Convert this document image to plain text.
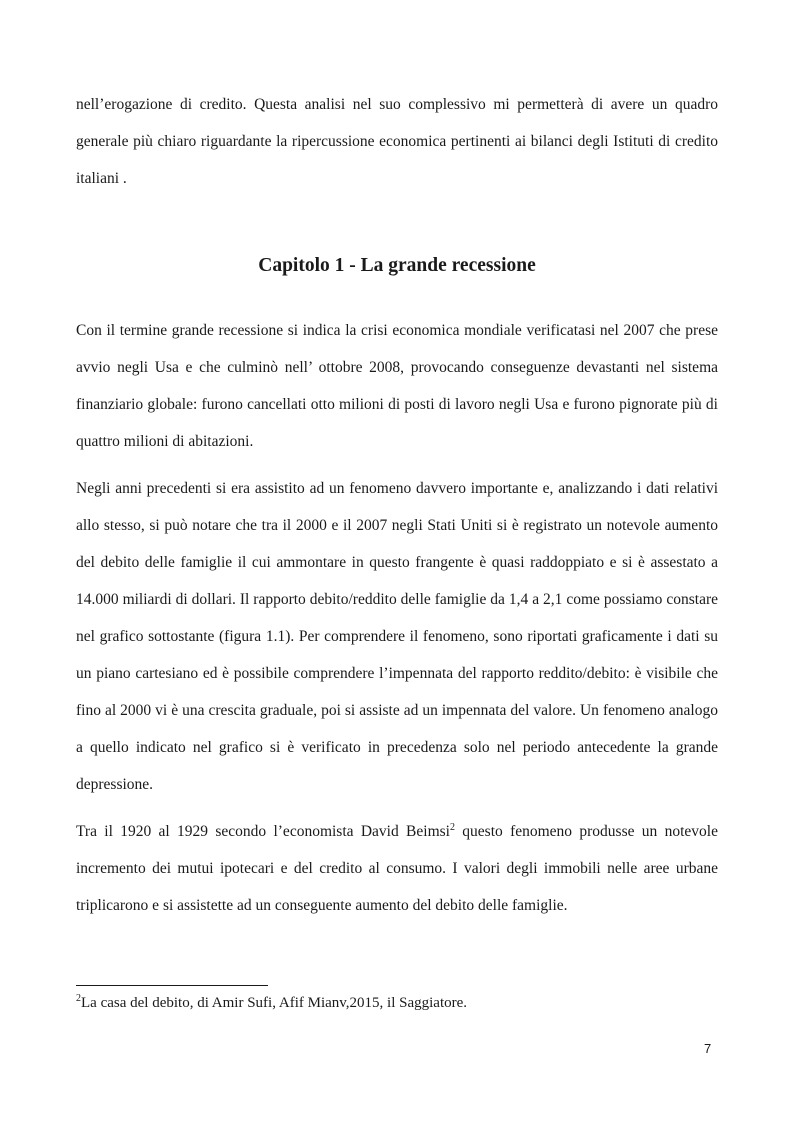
nell’erogazione di credito. Questa analisi nel suo complessivo mi permetterà di avere un quadro generale più chiaro riguardante la ripercussione economica pertinenti ai bilanci degli Istituti di credito italiani .

Capitolo 1 - La grande recessione

Con il termine grande recessione si indica la crisi economica mondiale verificatasi nel 2007 che prese avvio negli Usa e che culminò nell’ ottobre 2008, provocando conseguenze devastanti nel sistema finanziario globale: furono cancellati otto milioni di posti di lavoro negli Usa e furono pignorate più di quattro milioni di abitazioni.

Negli anni precedenti si era assistito ad un fenomeno davvero importante e, analizzando i dati relativi allo stesso, si può notare che tra il 2000 e il 2007 negli Stati Uniti si è registrato un notevole aumento del debito delle famiglie il cui ammontare in questo frangente è quasi raddoppiato e si è assestato a 14.000 miliardi di dollari. Il rapporto debito/reddito delle famiglie da 1,4 a 2,1 come possiamo constare nel grafico sottostante (figura 1.1). Per comprendere il fenomeno, sono riportati graficamente i dati su un piano cartesiano ed è possibile comprendere l’impennata del rapporto reddito/debito: è visibile che fino al 2000 vi è una crescita graduale, poi si assiste ad un impennata del valore. Un fenomeno analogo a quello indicato nel grafico si è verificato in precedenza solo nel periodo antecedente la grande depressione.

Tra il 1920 al 1929 secondo l’economista David Beimsi$^2$ questo fenomeno produsse un notevole incremento dei mutui ipotecari e del credito al consumo. I valori degli immobili nelle aree urbane triplicarono e si assistette ad un conseguente aumento del debito delle famiglie.

$^2$La casa del debito, di Amir Sufi, Afif Mianv,2015, il Saggiatore.

7
